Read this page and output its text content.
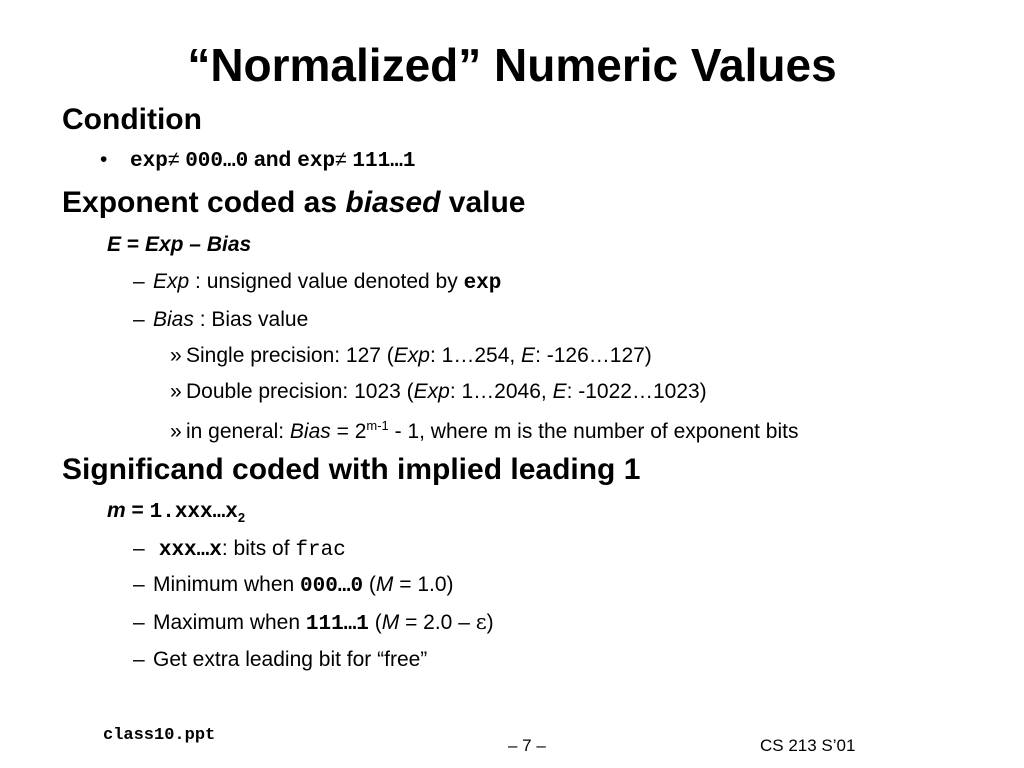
“Normalized” Numeric Values
Condition
• exp≠ 000…0 and exp≠ 111…1
Exponent coded as biased value
E = Exp – Bias
– Exp : unsigned value denoted by exp
– Bias : Bias value
» Single precision: 127 (Exp: 1…254, E: -126…127)
» Double precision: 1023 (Exp: 1…2046, E: -1022…1023)
» in general: Bias = $2^{m-1} - 1$, where m is the number of exponent bits
Significand coded with implied leading 1
$m = 1.xxx\dots x_2$
– xxx…x: bits of frac
– Minimum when 000…0 (M = 1.0)
– Maximum when 111…1 (M = 2.0 – ε)
– Get extra leading bit for “free”
class10.ppt
– 7 –	CS 213 S’01
